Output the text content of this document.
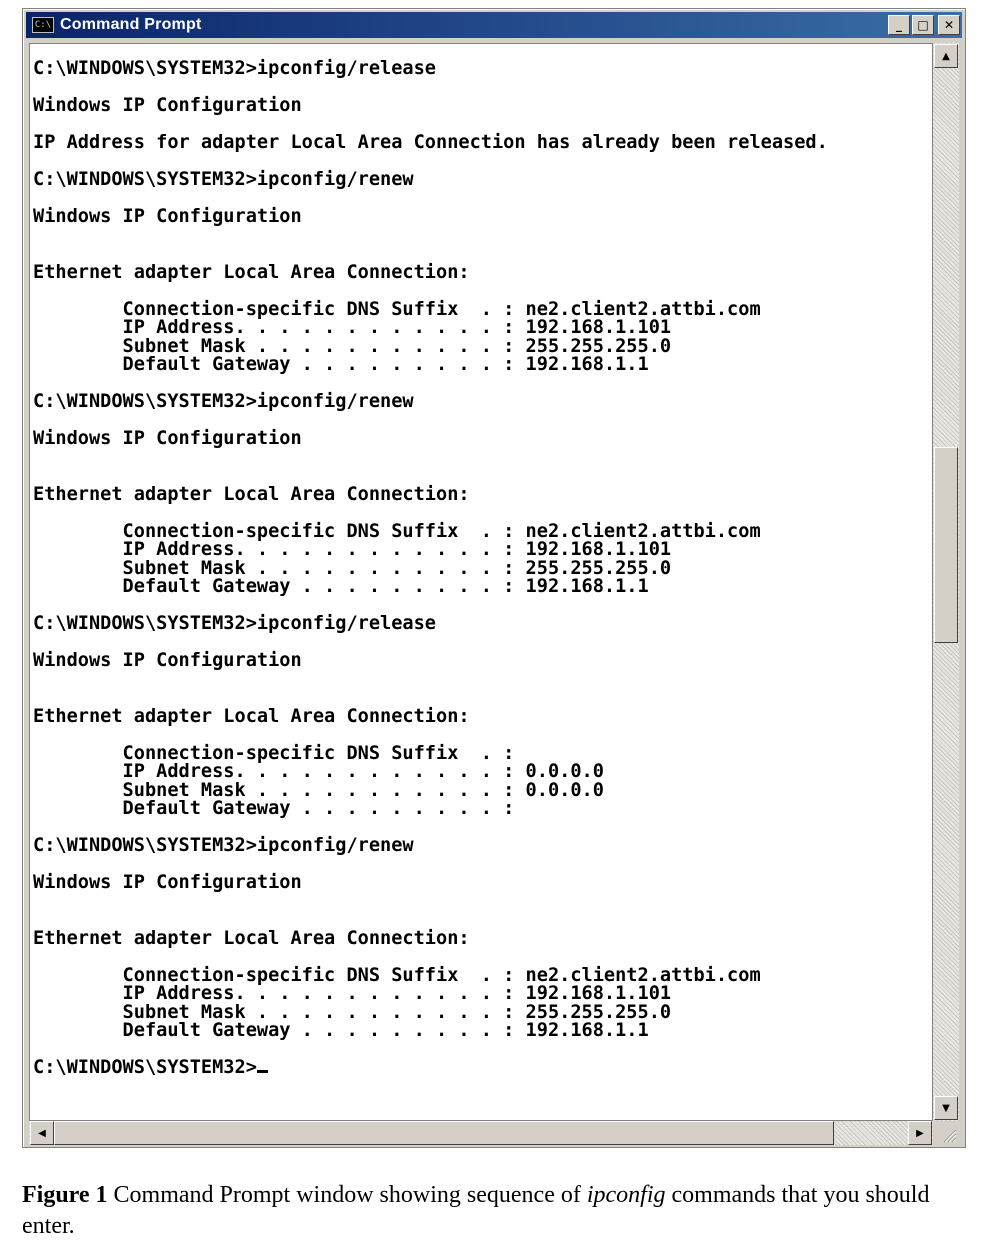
C:\ Command Prompt	_	□	✕
C:\WINDOWS\SYSTEM32>ipconfig/release

Windows IP Configuration

IP Address for adapter Local Area Connection has already been released.

C:\WINDOWS\SYSTEM32>ipconfig/renew

Windows IP Configuration

Ethernet adapter Local Area Connection:

Connection-specific DNS Suffix  . : ne2.client2.attbi.com
IP Address. . . . . . . . . . . . : 192.168.1.101
Subnet Mask . . . . . . . . . . . : 255.255.255.0
Default Gateway . . . . . . . . . : 192.168.1.1

C:\WINDOWS\SYSTEM32>ipconfig/renew

Windows IP Configuration

Ethernet adapter Local Area Connection:

Connection-specific DNS Suffix  . : ne2.client2.attbi.com
IP Address. . . . . . . . . . . . : 192.168.1.101
Subnet Mask . . . . . . . . . . . : 255.255.255.0
Default Gateway . . . . . . . . . : 192.168.1.1

C:\WINDOWS\SYSTEM32>ipconfig/release

Windows IP Configuration

Ethernet adapter Local Area Connection:

Connection-specific DNS Suffix  . :
IP Address. . . . . . . . . . . . : 0.0.0.0
Subnet Mask . . . . . . . . . . . : 0.0.0.0
Default Gateway . . . . . . . . . :

C:\WINDOWS\SYSTEM32>ipconfig/renew

Windows IP Configuration

Ethernet adapter Local Area Connection:

Connection-specific DNS Suffix  . : ne2.client2.attbi.com
IP Address. . . . . . . . . . . . : 192.168.1.101
Subnet Mask . . . . . . . . . . . : 255.255.255.0
Default Gateway . . . . . . . . . : 192.168.1.1

C:\WINDOWS\SYSTEM32>
▲
▼
◀	▶
Figure 1 Command Prompt window showing sequence of ipconfig commands that you should enter.
